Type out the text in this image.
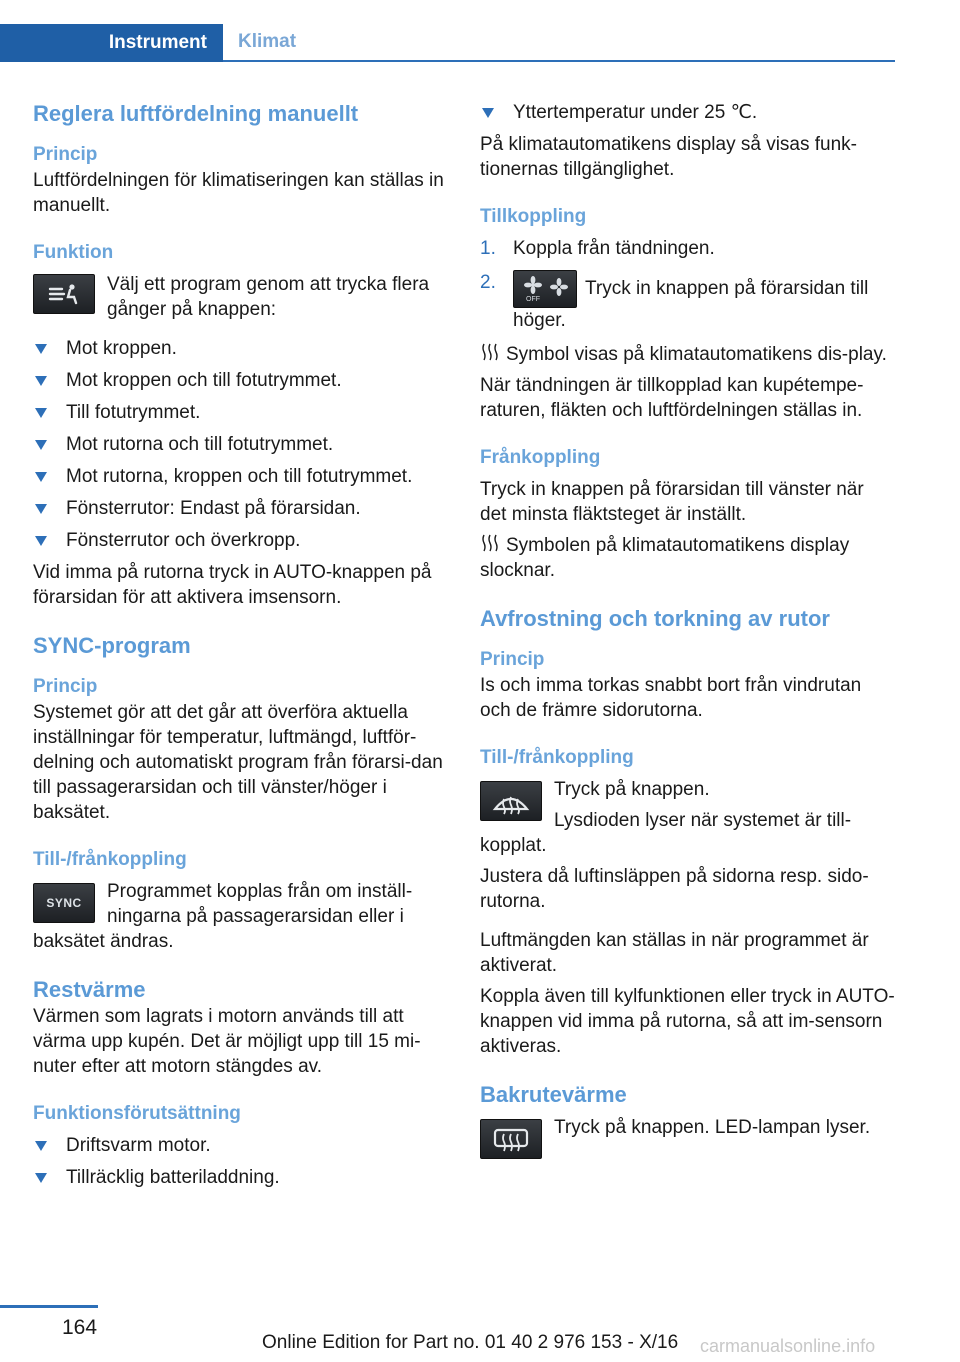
Instrument	Klimat
Reglera luftfördelning manuellt
Princip

Luftfördelningen för klimatiseringen kan ställas in manuellt.

Funktion

Välj ett program genom att trycka flera gånger på knappen:

Mot kroppen.
Mot kroppen och till fotutrymmet.
Till fotutrymmet.
Mot rutorna och till fotutrymmet.
Mot rutorna, kroppen och till fotutrymmet.
Fönsterrutor: Endast på förarsidan.
Fönsterrutor och överkropp.

Vid imma på rutorna tryck in AUTO-knappen på förarsidan för att aktivera imsensorn.

SYNC-program
Princip

Systemet gör att det går att överföra aktuella inställningar för temperatur, luftmängd, luftför-delning och automatiskt program från förarsi-dan till passagerarsidan och till vänster/höger i baksätet.

Till-/frånkoppling
SYNC

Programmet kopplas från om inställ-ningarna på passagerarsidan eller i baksätet ändras.

Restvärme

Värmen som lagrats i motorn används till att värma upp kupén. Det är möjligt upp till 15 mi-nuter efter att motorn stängdes av.

Funktionsförutsättning
Driftsvarm motor.
Tillräcklig batteriladdning.
Yttertemperatur under 25 ℃.

På klimatautomatikens display så visas funk-tionernas tillgänglighet.

Tillkoppling
1. Koppla från tändningen.
2.
OFF
Tryck in knappen på förarsidan till höger.

Symbol visas på klimatautomatikens dis-play.

När tändningen är tillkopplad kan kupétempe-raturen, fläkten och luftfördelningen ställas in.

Frånkoppling

Tryck in knappen på förarsidan till vänster när det minsta fläktsteget är inställt.

Symbolen på klimatautomatikens display slocknar.

Avfrostning och torkning av rutor
Princip

Is och imma torkas snabbt bort från vindrutan och de främre sidorutorna.

Till-/frånkoppling

Tryck på knappen.

Lysdioden lyser när systemet är till-kopplat.

Justera då luftinsläppen på sidorna resp. sido-rutorna.

Luftmängden kan ställas in när programmet är aktiverat.

Koppla även till kylfunktionen eller tryck in AUTO-knappen vid imma på rutorna, så att im-sensorn aktiveras.

Bakrutevärme

Tryck på knappen. LED-lampan lyser.

164
Online Edition for Part no. 01 40 2 976 153 - X/16 carmanualsonline.info
